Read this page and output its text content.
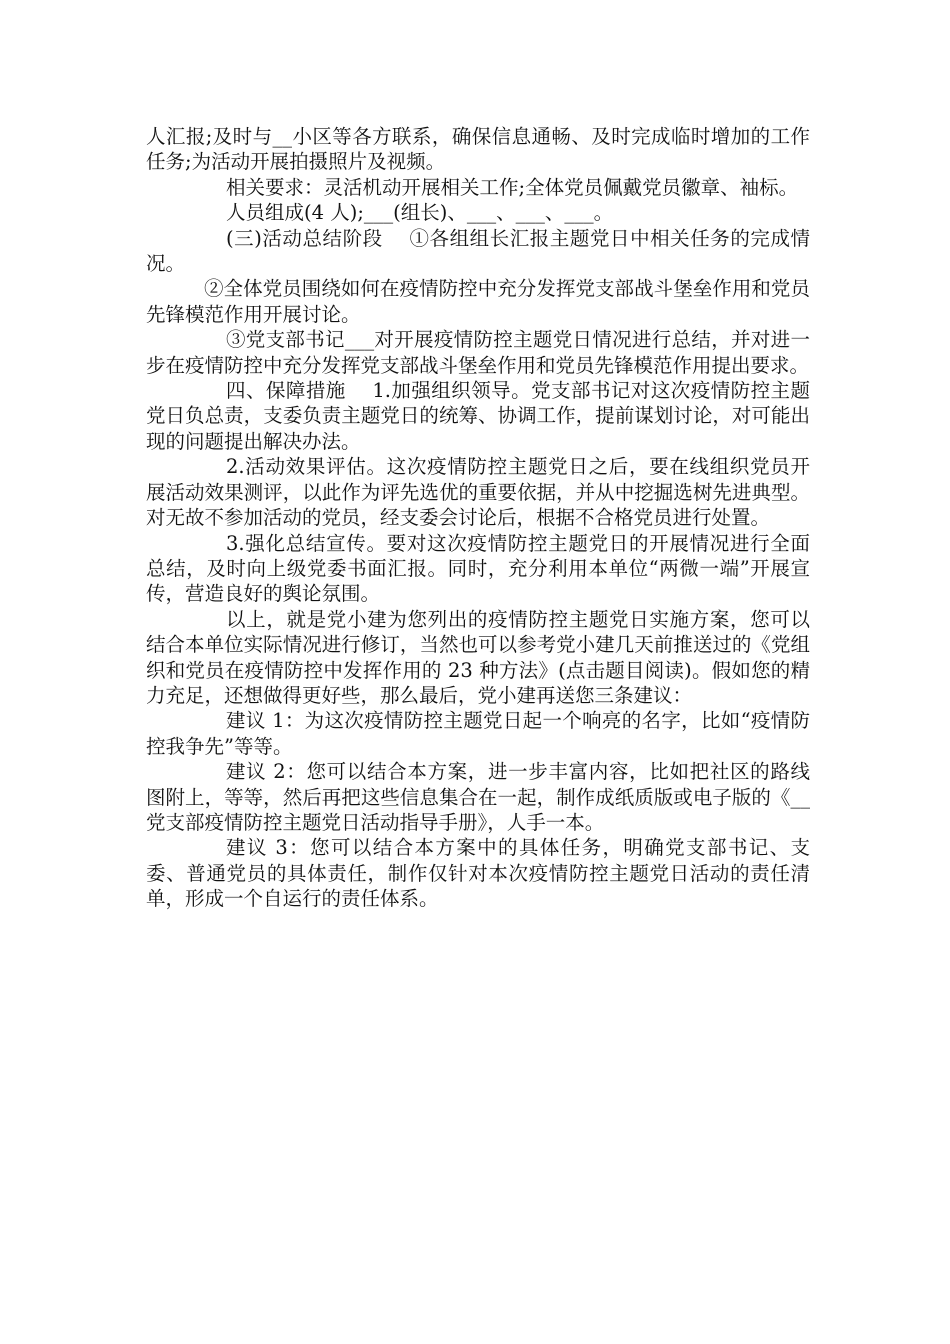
人汇报;及时与__小区等各方联系，确保信息通畅、及时完成临时增加的工作任务;为活动开展拍摄照片及视频。

相关要求：灵活机动开展相关工作;全体党员佩戴党员徽章、袖标。

人员组成(4 人);___(组长)、___、___、___。

(三)活动总结阶段　 ①各组组长汇报主题党日中相关任务的完成情况。

②全体党员围绕如何在疫情防控中充分发挥党支部战斗堡垒作用和党员先锋模范作用开展讨论。

③党支部书记___对开展疫情防控主题党日情况进行总结，并对进一步在疫情防控中充分发挥党支部战斗堡垒作用和党员先锋模范作用提出要求。

四、保障措施　 1.加强组织领导。党支部书记对这次疫情防控主题党日负总责，支委负责主题党日的统筹、协调工作，提前谋划讨论，对可能出现的问题提出解决办法。

2.活动效果评估。这次疫情防控主题党日之后，要在线组织党员开展活动效果测评，以此作为评先选优的重要依据，并从中挖掘选树先进典型。对无故不参加活动的党员，经支委会讨论后，根据不合格党员进行处置。

3.强化总结宣传。要对这次疫情防控主题党日的开展情况进行全面总结，及时向上级党委书面汇报。同时，充分利用本单位“两微一端”开展宣传，营造良好的舆论氛围。

以上，就是党小建为您列出的疫情防控主题党日实施方案，您可以结合本单位实际情况进行修订，当然也可以参考党小建几天前推送过的《党组织和党员在疫情防控中发挥作用的 23 种方法》(点击题目阅读)。假如您的精力充足，还想做得更好些，那么最后，党小建再送您三条建议：

建议 1：为这次疫情防控主题党日起一个响亮的名字，比如“疫情防控我争先”等等。

建议 2：您可以结合本方案，进一步丰富内容，比如把社区的路线图附上，等等，然后再把这些信息集合在一起，制作成纸质版或电子版的《__党支部疫情防控主题党日活动指导手册》，人手一本。

建议 3：您可以结合本方案中的具体任务，明确党支部书记、支委、普通党员的具体责任，制作仅针对本次疫情防控主题党日活动的责任清单，形成一个自运行的责任体系。
